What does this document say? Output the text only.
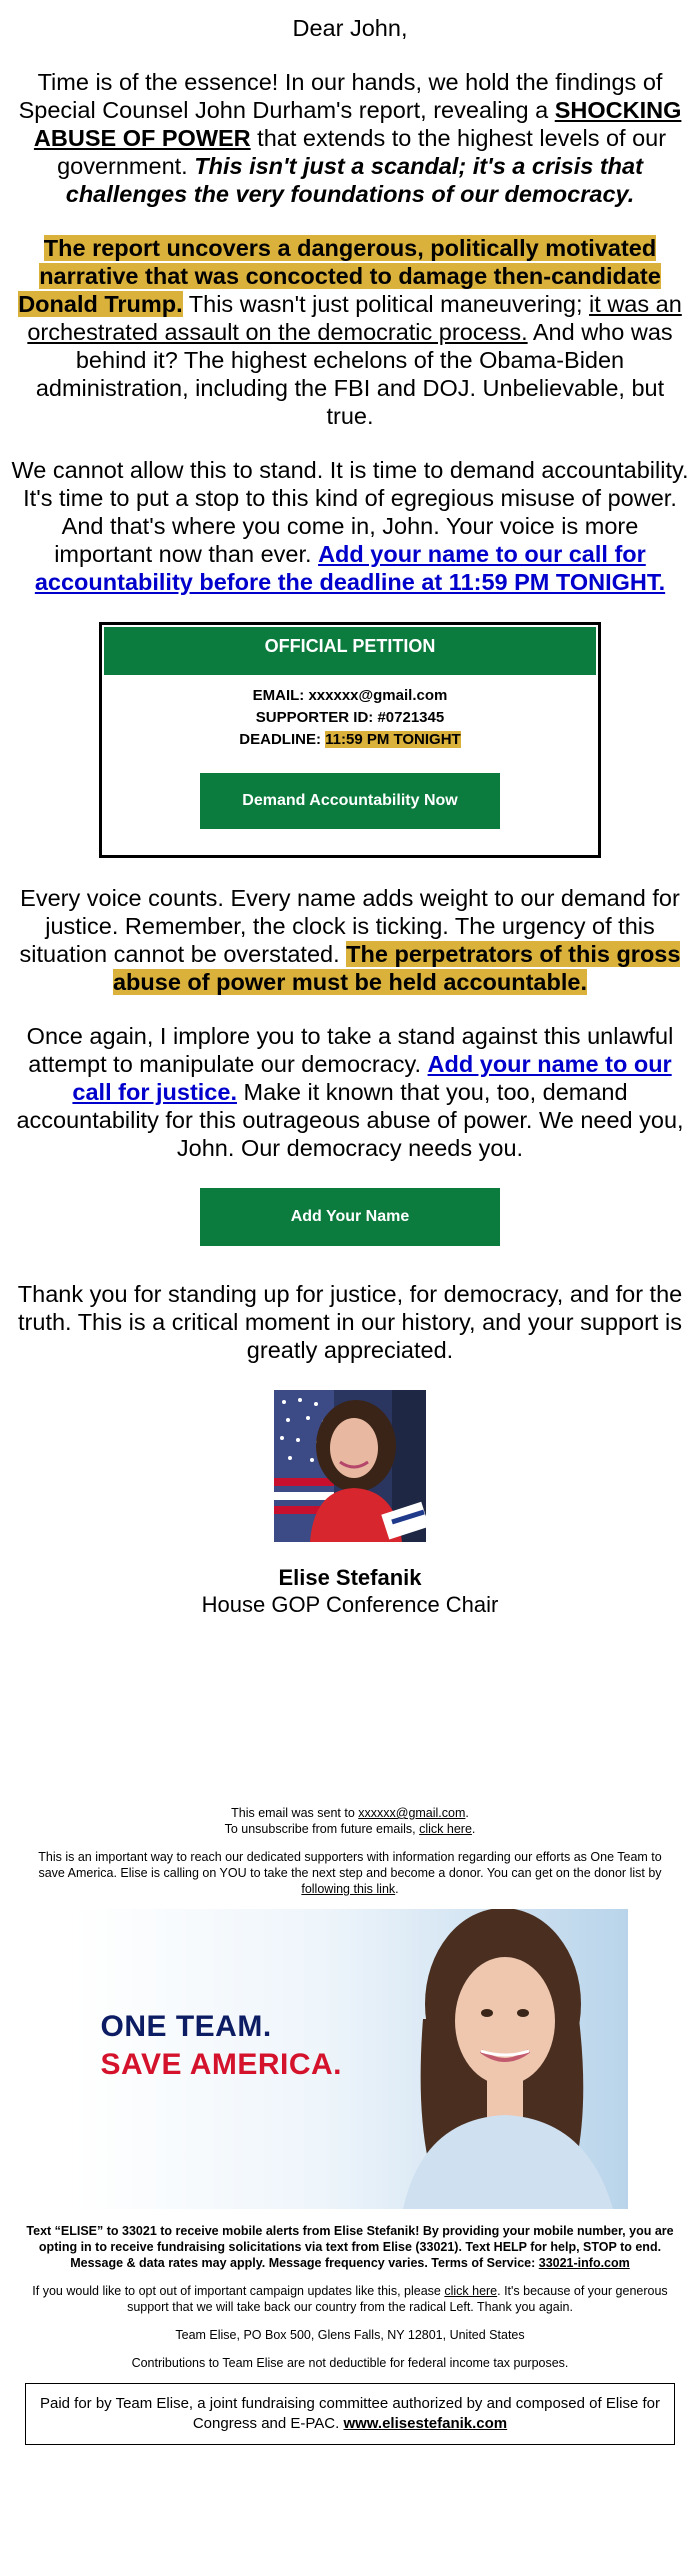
Dear John,

Time is of the essence! In our hands, we hold the findings of Special Counsel John Durham's report, revealing a SHOCKING ABUSE OF POWER that extends to the highest levels of our government. This isn't just a scandal; it's a crisis that challenges the very foundations of our democracy.

The report uncovers a dangerous, politically motivated narrative that was concocted to damage then-candidate Donald Trump. This wasn't just political maneuvering; it was an orchestrated assault on the democratic process. And who was behind it? The highest echelons of the Obama-Biden administration, including the FBI and DOJ. Unbelievable, but true.

We cannot allow this to stand. It is time to demand accountability. It's time to put a stop to this kind of egregious misuse of power. And that's where you come in, John. Your voice is more important now than ever. Add your name to our call for accountability before the deadline at 11:59 PM TONIGHT.

OFFICIAL PETITION
EMAIL: xxxxxx@gmail.com
SUPPORTER ID: #0721345
DEADLINE: 11:59 PM TONIGHT
Demand Accountability Now

Every voice counts. Every name adds weight to our demand for justice. Remember, the clock is ticking. The urgency of this situation cannot be overstated. The perpetrators of this gross abuse of power must be held accountable.

Once again, I implore you to take a stand against this unlawful attempt to manipulate our democracy. Add your name to our call for justice. Make it known that you, too, demand accountability for this outrageous abuse of power. We need you, John. Our democracy needs you.

Add Your Name

Thank you for standing up for justice, for democracy, and for the truth. This is a critical moment in our history, and your support is greatly appreciated.

Elise Stefanik
House GOP Conference Chair

This email was sent to xxxxxx@gmail.com.
To unsubscribe from future emails, click here.

This is an important way to reach our dedicated supporters with information regarding our efforts as One Team to save America. Elise is calling on YOU to take the next step and become a donor. You can get on the donor list by following this link.

ONE TEAM.
SAVE AMERICA.

Text “ELISE” to 33021 to receive mobile alerts from Elise Stefanik! By providing your mobile number, you are opting in to receive fundraising solicitations via text from Elise (33021). Text HELP for help, STOP to end. Message & data rates may apply. Message frequency varies. Terms of Service: 33021-info.com

If you would like to opt out of important campaign updates like this, please click here. It's because of your generous support that we will take back our country from the radical Left. Thank you again.

Team Elise, PO Box 500, Glens Falls, NY 12801, United States

Contributions to Team Elise are not deductible for federal income tax purposes.

Paid for by Team Elise, a joint fundraising committee authorized by and composed of Elise for Congress and E-PAC. www.elisestefanik.com
